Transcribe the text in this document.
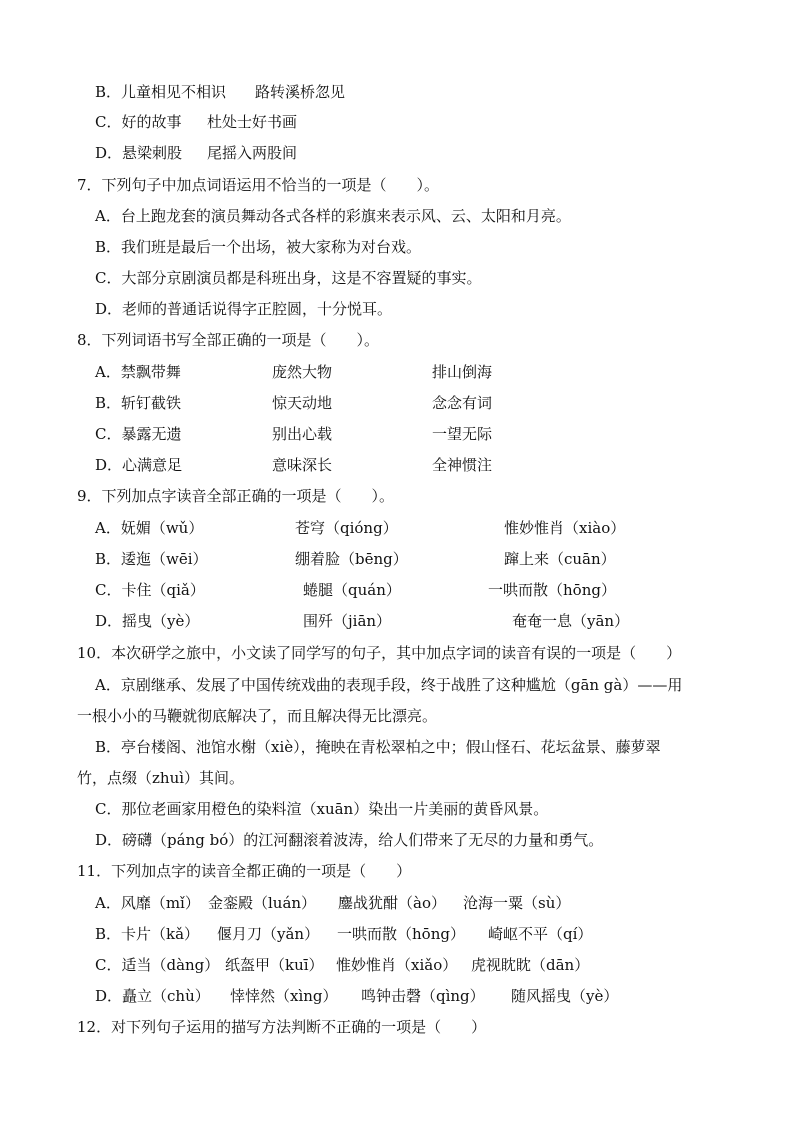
B．儿童相见不相识 路转溪桥忽见
C．好的故事 杜处士好书画
D．悬梁刺股 尾摇入两股间
7．下列句子中加点词语运用不恰当的一项是（　　）。
A．台上跑龙套的演员舞动各式各样的彩旗来表示风、云、太阳和月亮。
B．我们班是最后一个出场，被大家称为对台戏。
C．大部分京剧演员都是科班出身，这是不容置疑的事实。
D．老师的普通话说得字正腔圆，十分悦耳。
8．下列词语书写全部正确的一项是（　　）。
A．禁飘带舞	庞然大物	排山倒海
B．斩钉截铁	惊天动地	念念有词
C．暴露无遗	别出心载	一望无际
D．心满意足	意味深长	全神惯注
9．下列加点字读音全部正确的一项是（　　）。
A．妩媚（wǔ）	苍穹（qióng）	惟妙惟肖（xiào）
B．逶迤（wēi）	绷着脸（bēng）	蹿上来（cuān）
C．卡住（qiǎ）	蜷腿（quán）	一哄而散（hōng）
D．摇曳（yè）	围歼（jiān）	奄奄一息（yān）
10．本次研学之旅中，小文读了同学写的句子，其中加点字词的读音有误的一项是（　　）
A．京剧继承、发展了中国传统戏曲的表现手段，终于战胜了这种尴尬（gān gà）——用
一根小小的马鞭就彻底解决了，而且解决得无比漂亮。
B．亭台楼阁、池馆水榭（xiè），掩映在青松翠柏之中；假山怪石、花坛盆景、藤萝翠
竹，点缀（zhuì）其间。
C．那位老画家用橙色的染料渲（xuān）染出一片美丽的黄昏风景。
D．磅礴（páng bó）的江河翻滚着波涛，给人们带来了无尽的力量和勇气。
11．下列加点字的读音全都正确的一项是（　　）
A．风靡（mǐ） 金銮殿（luán） 鏖战犹酣（ào） 沧海一粟（sù）
B．卡片（kǎ） 偃月刀（yǎn） 一哄而散（hōng） 崎岖不平（qí）
C．适当（dàng） 纸盔甲（kuī） 惟妙惟肖（xiǎo） 虎视眈眈（dān）
D．矗立（chù） 悻悻然（xìng） 鸣钟击磬（qìng） 随风摇曳（yè）
12．对下列句子运用的描写方法判断不正确的一项是（　　）
